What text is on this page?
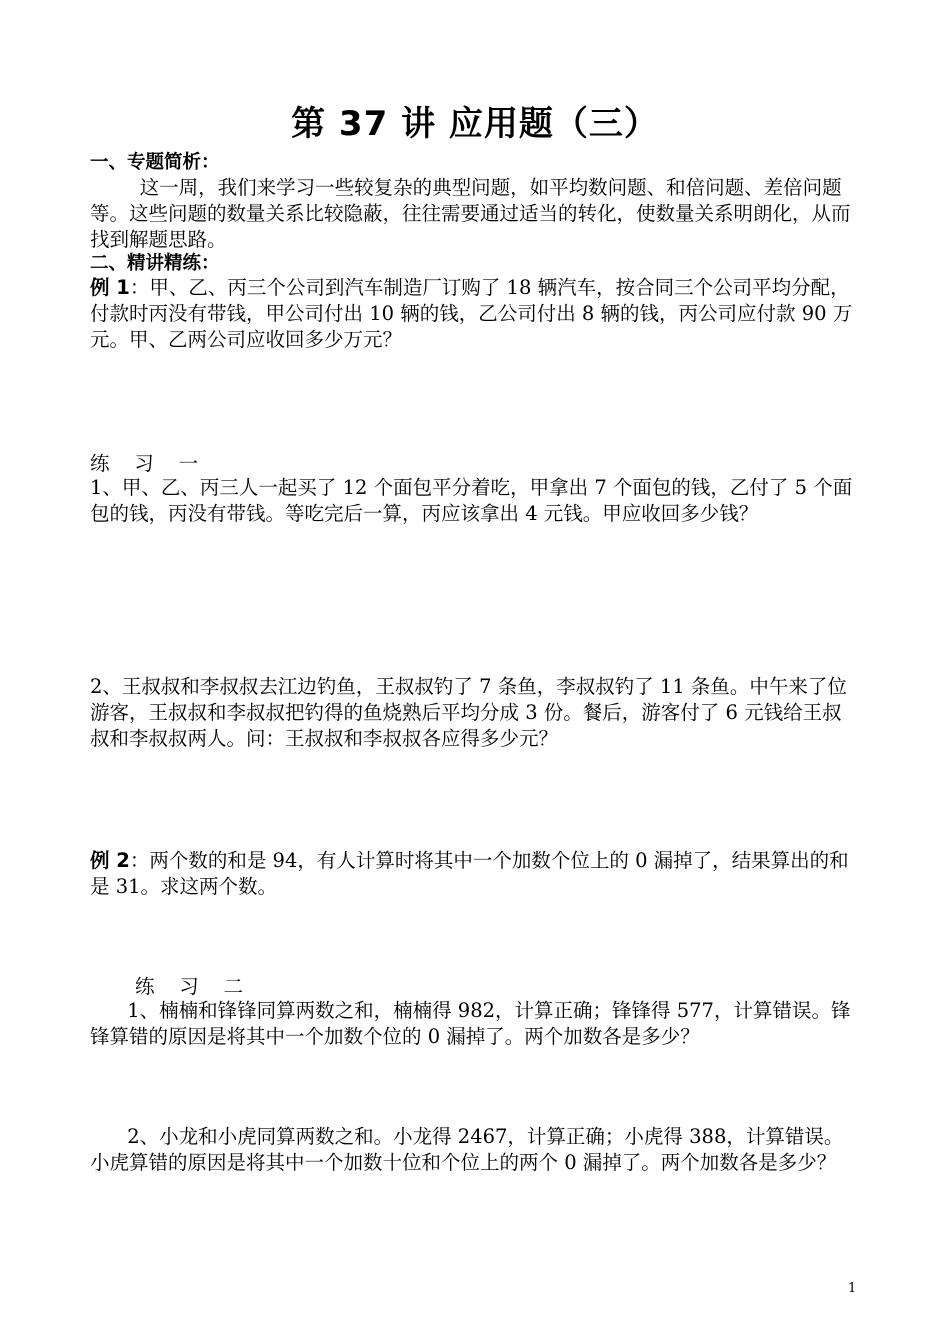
第 37 讲 应用题（三）
一、专题简析：
这一周，我们来学习一些较复杂的典型问题，如平均数问题、和倍问题、差倍问题等。这些问题的数量关系比较隐蔽，往往需要通过适当的转化，使数量关系明朗化，从而找到解题思路。
二、精讲精练：
例 1：甲、乙、丙三个公司到汽车制造厂订购了 18 辆汽车，按合同三个公司平均分配，付款时丙没有带钱，甲公司付出 10 辆的钱，乙公司付出 8 辆的钱，丙公司应付款 90 万元。甲、乙两公司应收回多少万元？
练    习    一
1、甲、乙、丙三人一起买了 12 个面包平分着吃，甲拿出 7 个面包的钱，乙付了 5 个面包的钱，丙没有带钱。等吃完后一算，丙应该拿出 4 元钱。甲应收回多少钱？
2、王叔叔和李叔叔去江边钓鱼，王叔叔钓了 7 条鱼，李叔叔钓了 11 条鱼。中午来了位游客，王叔叔和李叔叔把钓得的鱼烧熟后平均分成 3 份。餐后，游客付了 6 元钱给王叔叔和李叔叔两人。问：王叔叔和李叔叔各应得多少元？
例 2：两个数的和是 94，有人计算时将其中一个加数个位上的 0 漏掉了，结果算出的和是 31。求这两个数。
练    习    二
1、楠楠和锋锋同算两数之和，楠楠得 982，计算正确；锋锋得 577，计算错误。锋锋算错的原因是将其中一个加数个位的 0 漏掉了。两个加数各是多少？
2、小龙和小虎同算两数之和。小龙得 2467，计算正确；小虎得 388，计算错误。小虎算错的原因是将其中一个加数十位和个位上的两个 0 漏掉了。两个加数各是多少？
1
